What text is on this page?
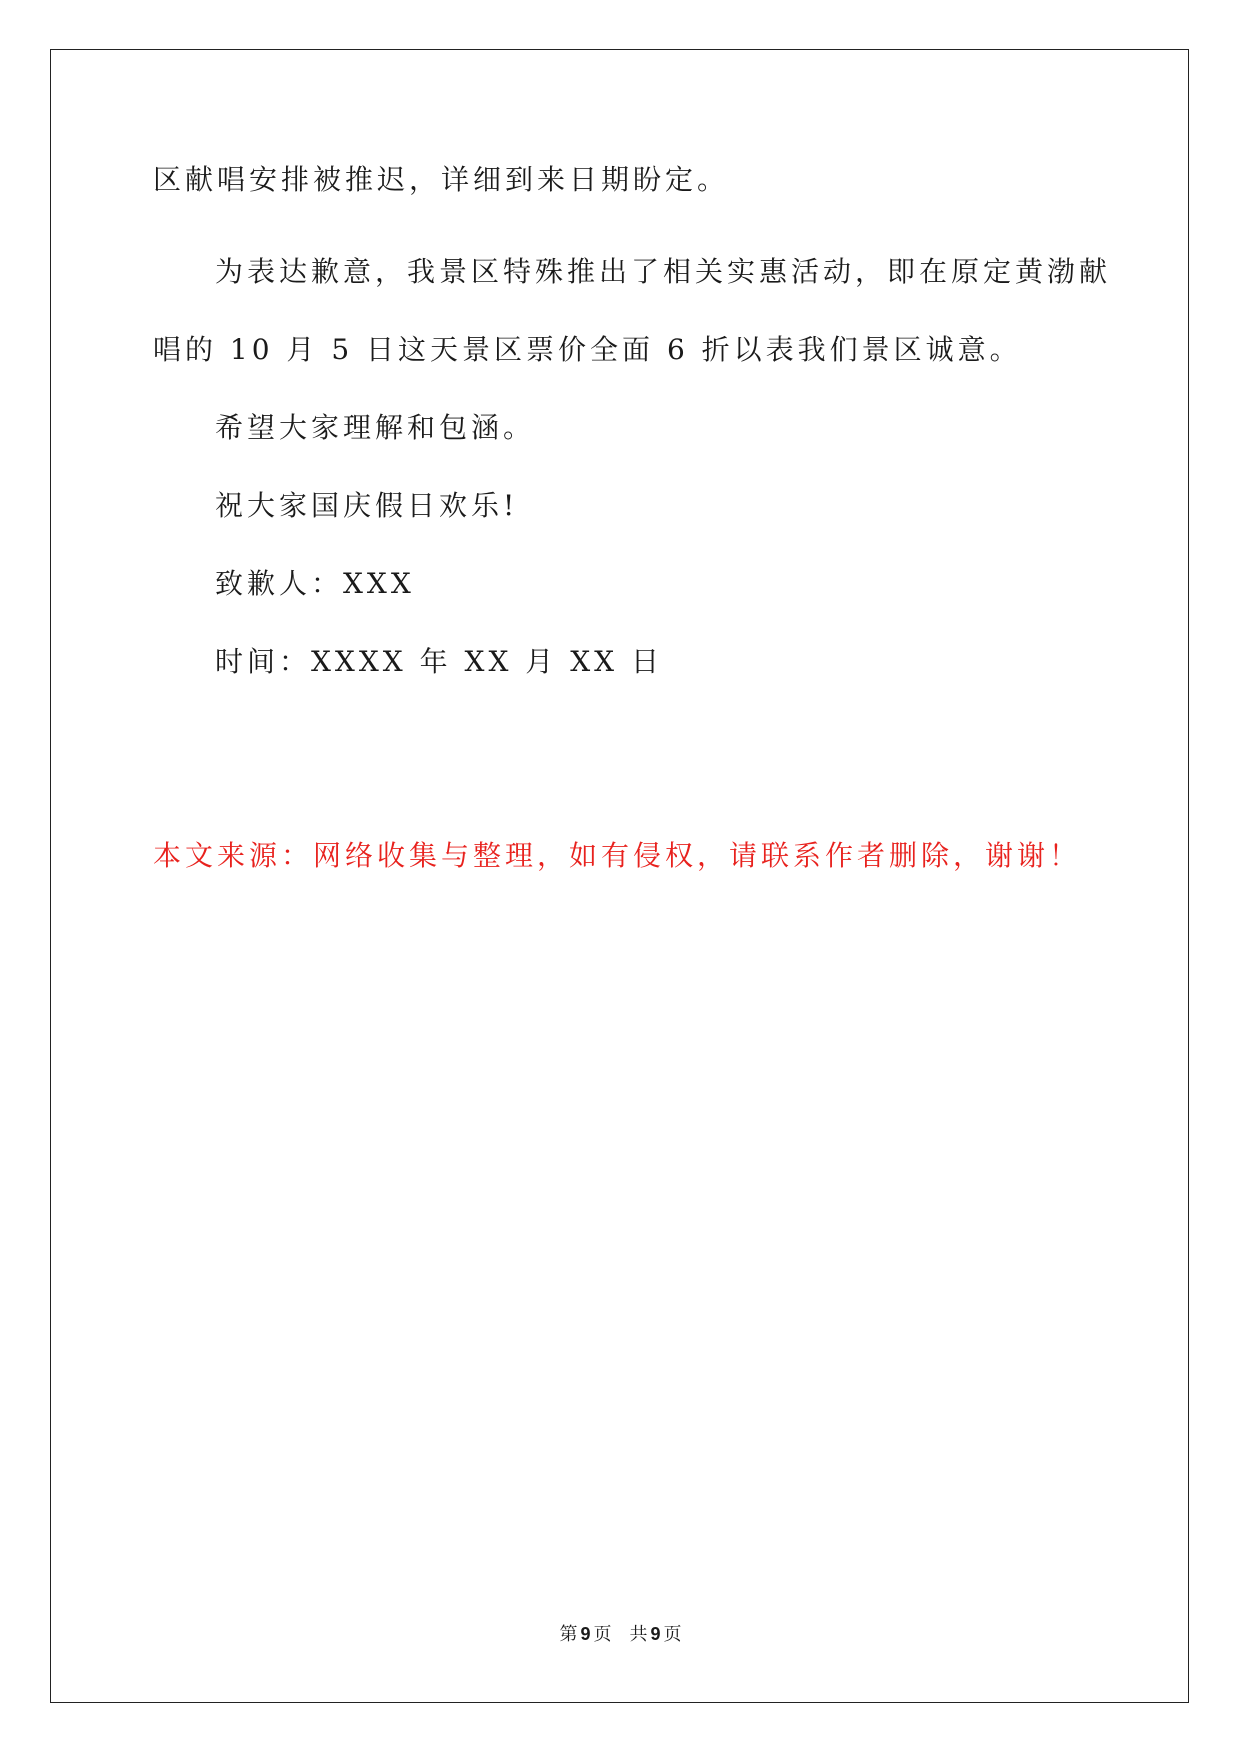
区献唱安排被推迟，详细到来日期盼定。

为表达歉意，我景区特殊推出了相关实惠活动，即在原定黄渤献

唱的 10 月 5 日这天景区票价全面 6 折以表我们景区诚意。

希望大家理解和包涵。

祝大家国庆假日欢乐!

致歉人：XXX

时间：XXXX 年 XX 月 XX 日

本文来源：网络收集与整理，如有侵权，请联系作者删除，谢谢！

第 9 页 共 9 页
